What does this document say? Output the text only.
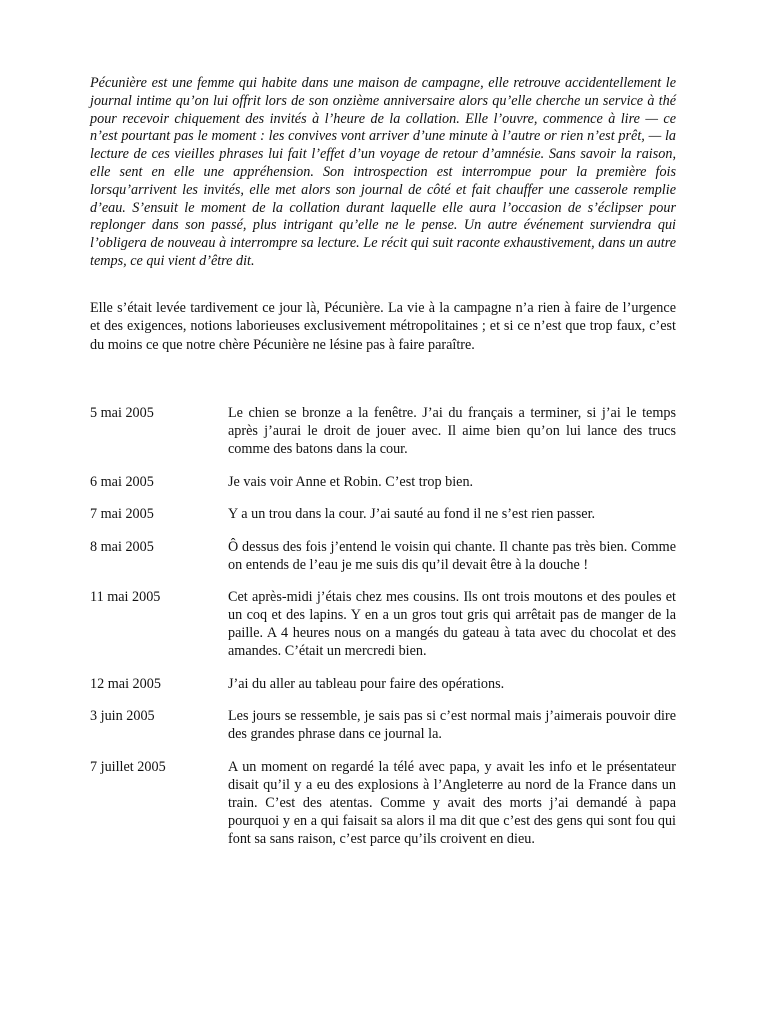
Pécunière est une femme qui habite dans une maison de campagne, elle retrouve accidentellement le journal intime qu’on lui offrit lors de son onzième anniversaire alors qu’elle cherche un service à thé pour recevoir chiquement des invités à l’heure de la collation. Elle l’ouvre, commence à lire — ce n’est pourtant pas le moment : les convives vont arriver d’une minute à l’autre or rien n’est prêt, — la lecture de ces vieilles phrases lui fait l’effet d’un voyage de retour d’amnésie. Sans savoir la raison, elle sent en elle une appréhension. Son introspection est interrompue pour la première fois lorsqu’arrivent les invités, elle met alors son journal de côté et fait chauffer une casserole remplie d’eau. S’ensuit le moment de la collation durant laquelle elle aura l’occasion de s’éclipser pour replonger dans son passé, plus intrigant qu’elle ne le pense. Un autre événement surviendra qui l’obligera de nouveau à interrompre sa lecture. Le récit qui suit raconte exhaustivement, dans un autre temps, ce qui vient d’être dit.

Elle s’était levée tardivement ce jour là, Pécunière. La vie à la campagne n’a rien à faire de l’urgence et des exigences, notions laborieuses exclusivement métropolitaines ; et si ce n’est que trop faux, c’est du moins ce que notre chère Pécunière ne lésine pas à faire paraître.

5 mai 2005	Le chien se bronze a la fenêtre. J’ai du français a terminer, si j’ai le temps après j’aurai le droit de jouer avec. Il aime bien qu’on lui lance des trucs comme des batons dans la cour.
6 mai 2005	Je vais voir Anne et Robin. C’est trop bien.
7 mai 2005	Y a un trou dans la cour. J’ai sauté au fond il ne s’est rien passer.
8 mai 2005	Ô dessus des fois j’entend le voisin qui chante. Il chante pas très bien. Comme on entends de l’eau je me suis dis qu’il devait être à la douche !
11 mai 2005	Cet après-midi j’étais chez mes cousins. Ils ont trois moutons et des poules et un coq et des lapins. Y en a un gros tout gris qui arrêtait pas de manger de la paille. A 4 heures nous on a mangés du gateau à tata avec du chocolat et des amandes. C’était un mercredi bien.
12 mai 2005	J’ai du aller au tableau pour faire des opérations.
3 juin 2005	Les jours se ressemble, je sais pas si c’est normal mais j’aimerais pouvoir dire des grandes phrase dans ce journal la.
7 juillet 2005	A un moment on regardé la télé avec papa, y avait les info et le présentateur disait qu’il y a eu des explosions à l’Angleterre au nord de la France dans un train. C’est des atentas. Comme y avait des morts j’ai demandé à papa pourquoi y en a qui faisait sa alors il ma dit que c’est des gens qui sont fou qui font sa sans raison, c’est parce qu’ils croivent en dieu.
